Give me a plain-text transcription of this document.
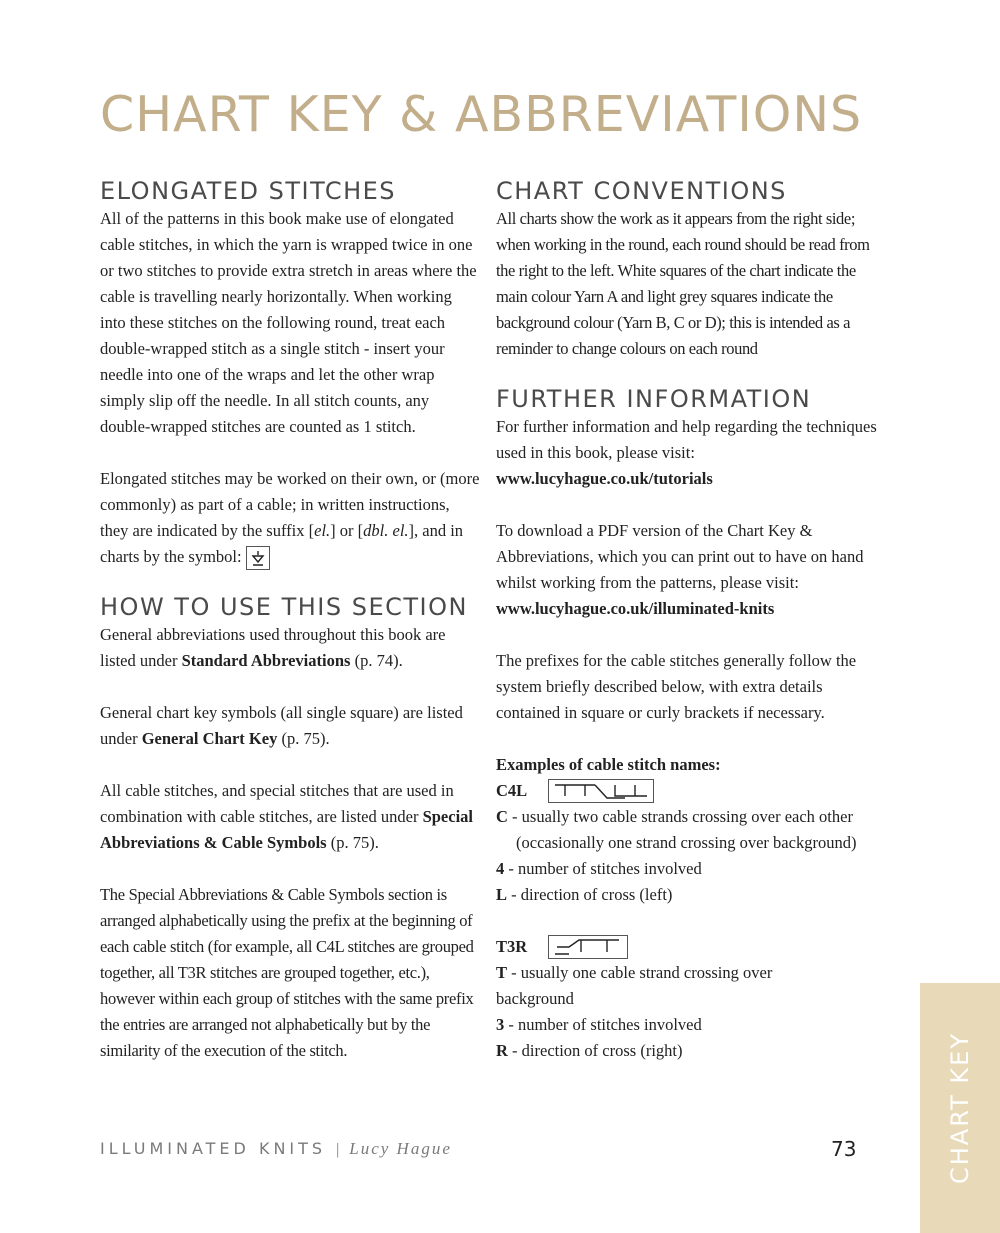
CHART KEY & ABBREVIATIONS
ELONGATED STITCHES

All of the patterns in this book make use of elongated cable stitches, in which the yarn is wrapped twice in one or two stitches to provide extra stretch in areas where the cable is travelling nearly horizontally. When working into these stitches on the following round, treat each double-wrapped stitch as a single stitch - insert your needle into one of the wraps and let the other wrap simply slip off the needle. In all stitch counts, any double-wrapped stitches are counted as 1 stitch.

Elongated stitches may be worked on their own, or (more commonly) as part of a cable; in written instructions, they are indicated by the suffix [el.] or [dbl. el.], and in charts by the symbol:

HOW TO USE THIS SECTION

General abbreviations used throughout this book are listed under Standard Abbreviations (p. 74).

General chart key symbols (all single square) are listed under General Chart Key (p. 75).

All cable stitches, and special stitches that are used in combination with cable stitches, are listed under Special Abbreviations & Cable Symbols (p. 75).

The Special Abbreviations & Cable Symbols section is arranged alphabetically using the prefix at the beginning of each cable stitch (for example, all C4L stitches are grouped together, all T3R stitches are grouped together, etc.), however within each group of stitches with the same prefix the entries are arranged not alphabetically but by the similarity of the execution of the stitch.

CHART CONVENTIONS

All charts show the work as it appears from the right side; when working in the round, each round should be read from the right to the left. White squares of the chart indicate the main colour Yarn A and light grey squares indicate the background colour (Yarn B, C or D); this is intended as a reminder to change colours on each round

FURTHER INFORMATION

For further information and help regarding the techniques used in this book, please visit:

www.lucyhague.co.uk/tutorials

To download a PDF version of the Chart Key & Abbreviations, which you can print out to have on hand whilst working from the patterns, please visit:

www.lucyhague.co.uk/illuminated-knits

The prefixes for the cable stitches generally follow the system briefly described below, with extra details contained in square or curly brackets if necessary.

Examples of cable stitch names:

C4L

C - usually two cable strands crossing over each other

(occasionally one strand crossing over background)

4 - number of stitches involved

L - direction of cross (left)

T3R

T - usually one cable strand crossing over

background

3 - number of stitches involved

R - direction of cross (right)	CHART KEY
ILLUMINATED KNITS | Lucy Hague	73
